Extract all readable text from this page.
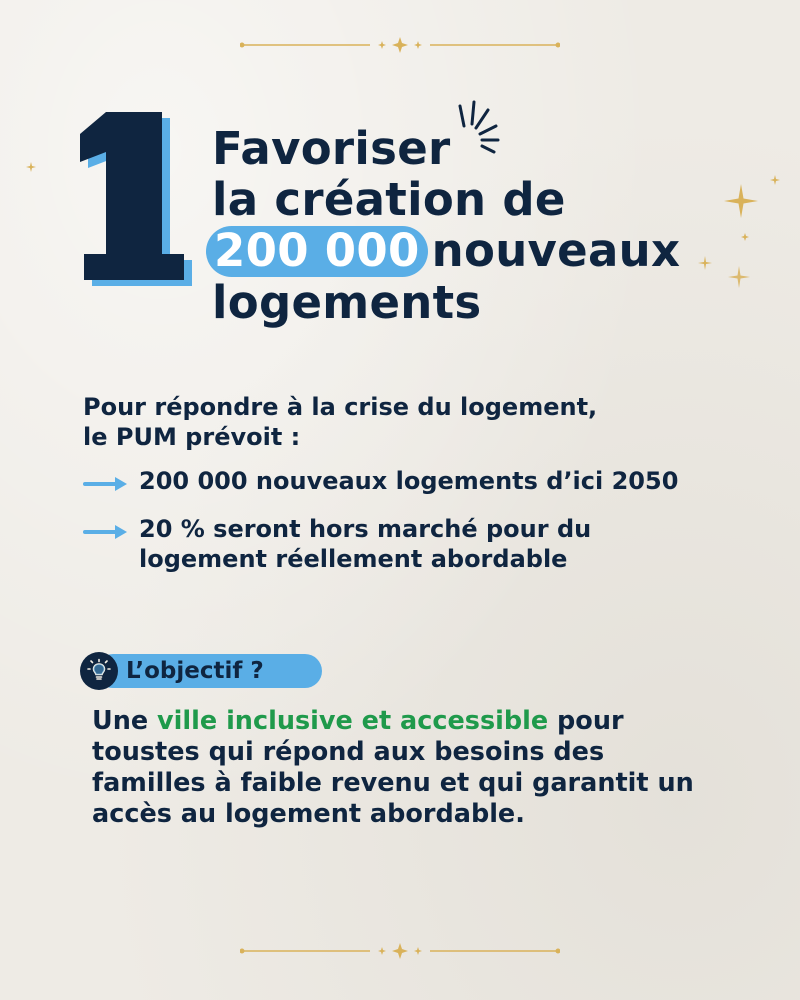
Favoriser
la création de
200 000 nouveaux
logements

Pour répondre à la crise du logement,
le PUM prévoit :

200 000 nouveaux logements d’ici 2050
20 % seront hors marché pour du
logement réellement abordable
L’objectif ?

Une ville inclusive et accessible pour
toustes qui répond aux besoins des
familles à faible revenu et qui garantit un
accès au logement abordable.
